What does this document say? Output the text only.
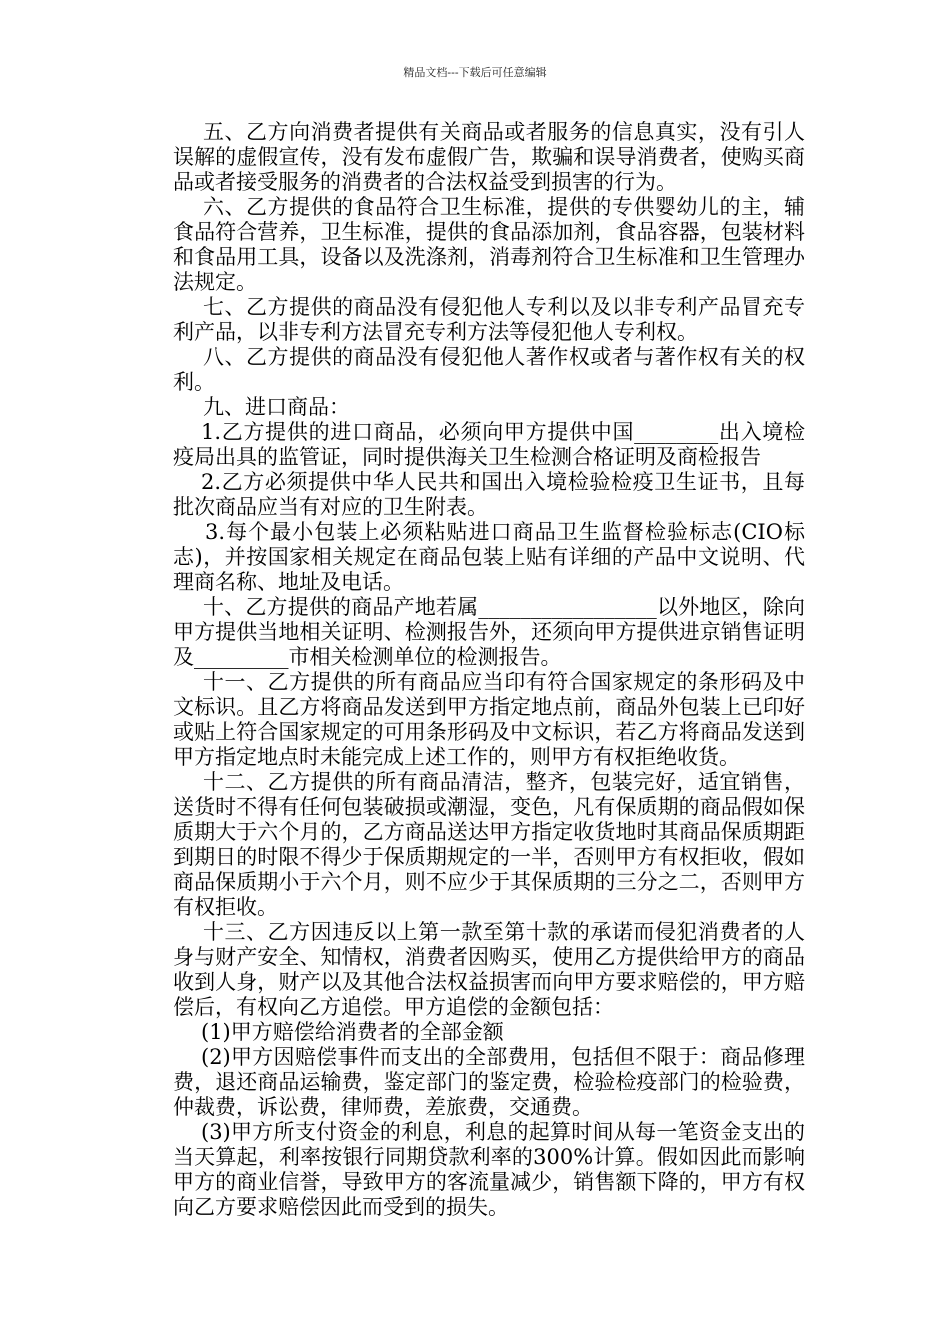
精品文档---下载后可任意编辑

五、乙方向消费者提供有关商品或者服务的信息真实，没有引人误解的虚假宣传，没有发布虚假广告，欺骗和误导消费者，使购买商品或者接受服务的消费者的合法权益受到损害的行为。

六、乙方提供的食品符合卫生标准，提供的专供婴幼儿的主，辅食品符合营养，卫生标准，提供的食品添加剂，食品容器，包装材料和食品用工具，设备以及洗涤剂，消毒剂符合卫生标准和卫生管理办法规定。

七、乙方提供的商品没有侵犯他人专利以及以非专利产品冒充专利产品，以非专利方法冒充专利方法等侵犯他人专利权。

八、乙方提供的商品没有侵犯他人著作权或者与著作权有关的权利。

九、进口商品：

1.乙方提供的进口商品，必须向甲方提供中国________出入境检疫局出具的监管证，同时提供海关卫生检测合格证明及商检报告

2.乙方必须提供中华人民共和国出入境检验检疫卫生证书，且每批次商品应当有对应的卫生附表。

3.每个最小包装上必须粘贴进口商品卫生监督检验标志(CIO标志)，并按国家相关规定在商品包装上贴有详细的产品中文说明、代理商名称、地址及电话。

十、乙方提供的商品产地若属_________________以外地区，除向甲方提供当地相关证明、检测报告外，还须向甲方提供进京销售证明及_________市相关检测单位的检测报告。

十一、乙方提供的所有商品应当印有符合国家规定的条形码及中文标识。且乙方将商品发送到甲方指定地点前，商品外包装上已印好或贴上符合国家规定的可用条形码及中文标识，若乙方将商品发送到甲方指定地点时未能完成上述工作的，则甲方有权拒绝收货。

十二、乙方提供的所有商品清洁，整齐，包装完好，适宜销售，送货时不得有任何包装破损或潮湿，变色，凡有保质期的商品假如保质期大于六个月的，乙方商品送达甲方指定收货地时其商品保质期距到期日的时限不得少于保质期规定的一半，否则甲方有权拒收，假如商品保质期小于六个月，则不应少于其保质期的三分之二，否则甲方有权拒收。

十三、乙方因违反以上第一款至第十款的承诺而侵犯消费者的人身与财产安全、知情权，消费者因购买，使用乙方提供给甲方的商品收到人身，财产以及其他合法权益损害而向甲方要求赔偿的，甲方赔偿后，有权向乙方追偿。甲方追偿的金额包括：

(1)甲方赔偿给消费者的全部金额

(2)甲方因赔偿事件而支出的全部费用，包括但不限于：商品修理费，退还商品运输费，鉴定部门的鉴定费，检验检疫部门的检验费，仲裁费，诉讼费，律师费，差旅费，交通费。

(3)甲方所支付资金的利息，利息的起算时间从每一笔资金支出的当天算起，利率按银行同期贷款利率的300%计算。假如因此而影响甲方的商业信誉，导致甲方的客流量减少，销售额下降的，甲方有权向乙方要求赔偿因此而受到的损失。
